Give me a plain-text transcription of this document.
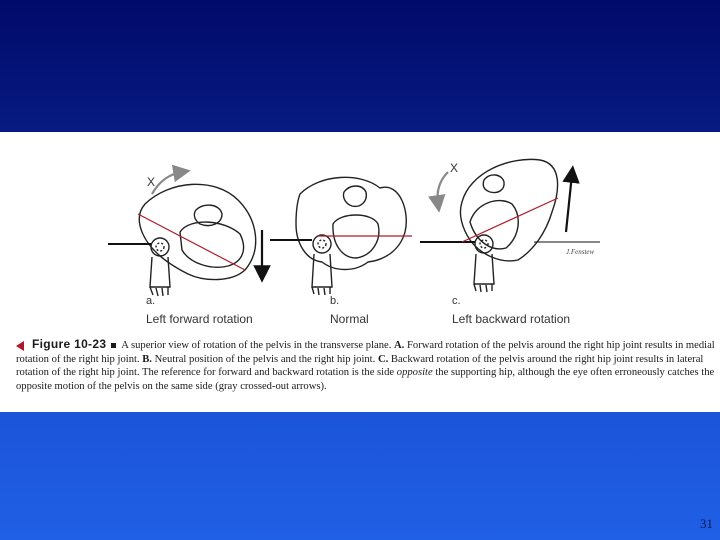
X
X
J.Fenstew
a.
Left forward rotation
b.
Normal
c.
Left backward rotation
Figure 10-23 A superior view of rotation of the pelvis in the transverse plane. A. Forward rotation of the pelvis around the right hip joint results in medial rotation of the right hip joint. B. Neutral position of the pelvis and the right hip joint. C. Backward rotation of the pelvis around the right hip joint results in lateral rotation of the right hip joint. The reference for forward and backward rotation is the side opposite the supporting hip, although the eye often erroneously catches the opposite motion of the pelvis on the same side (gray crossed-out arrows).
31
